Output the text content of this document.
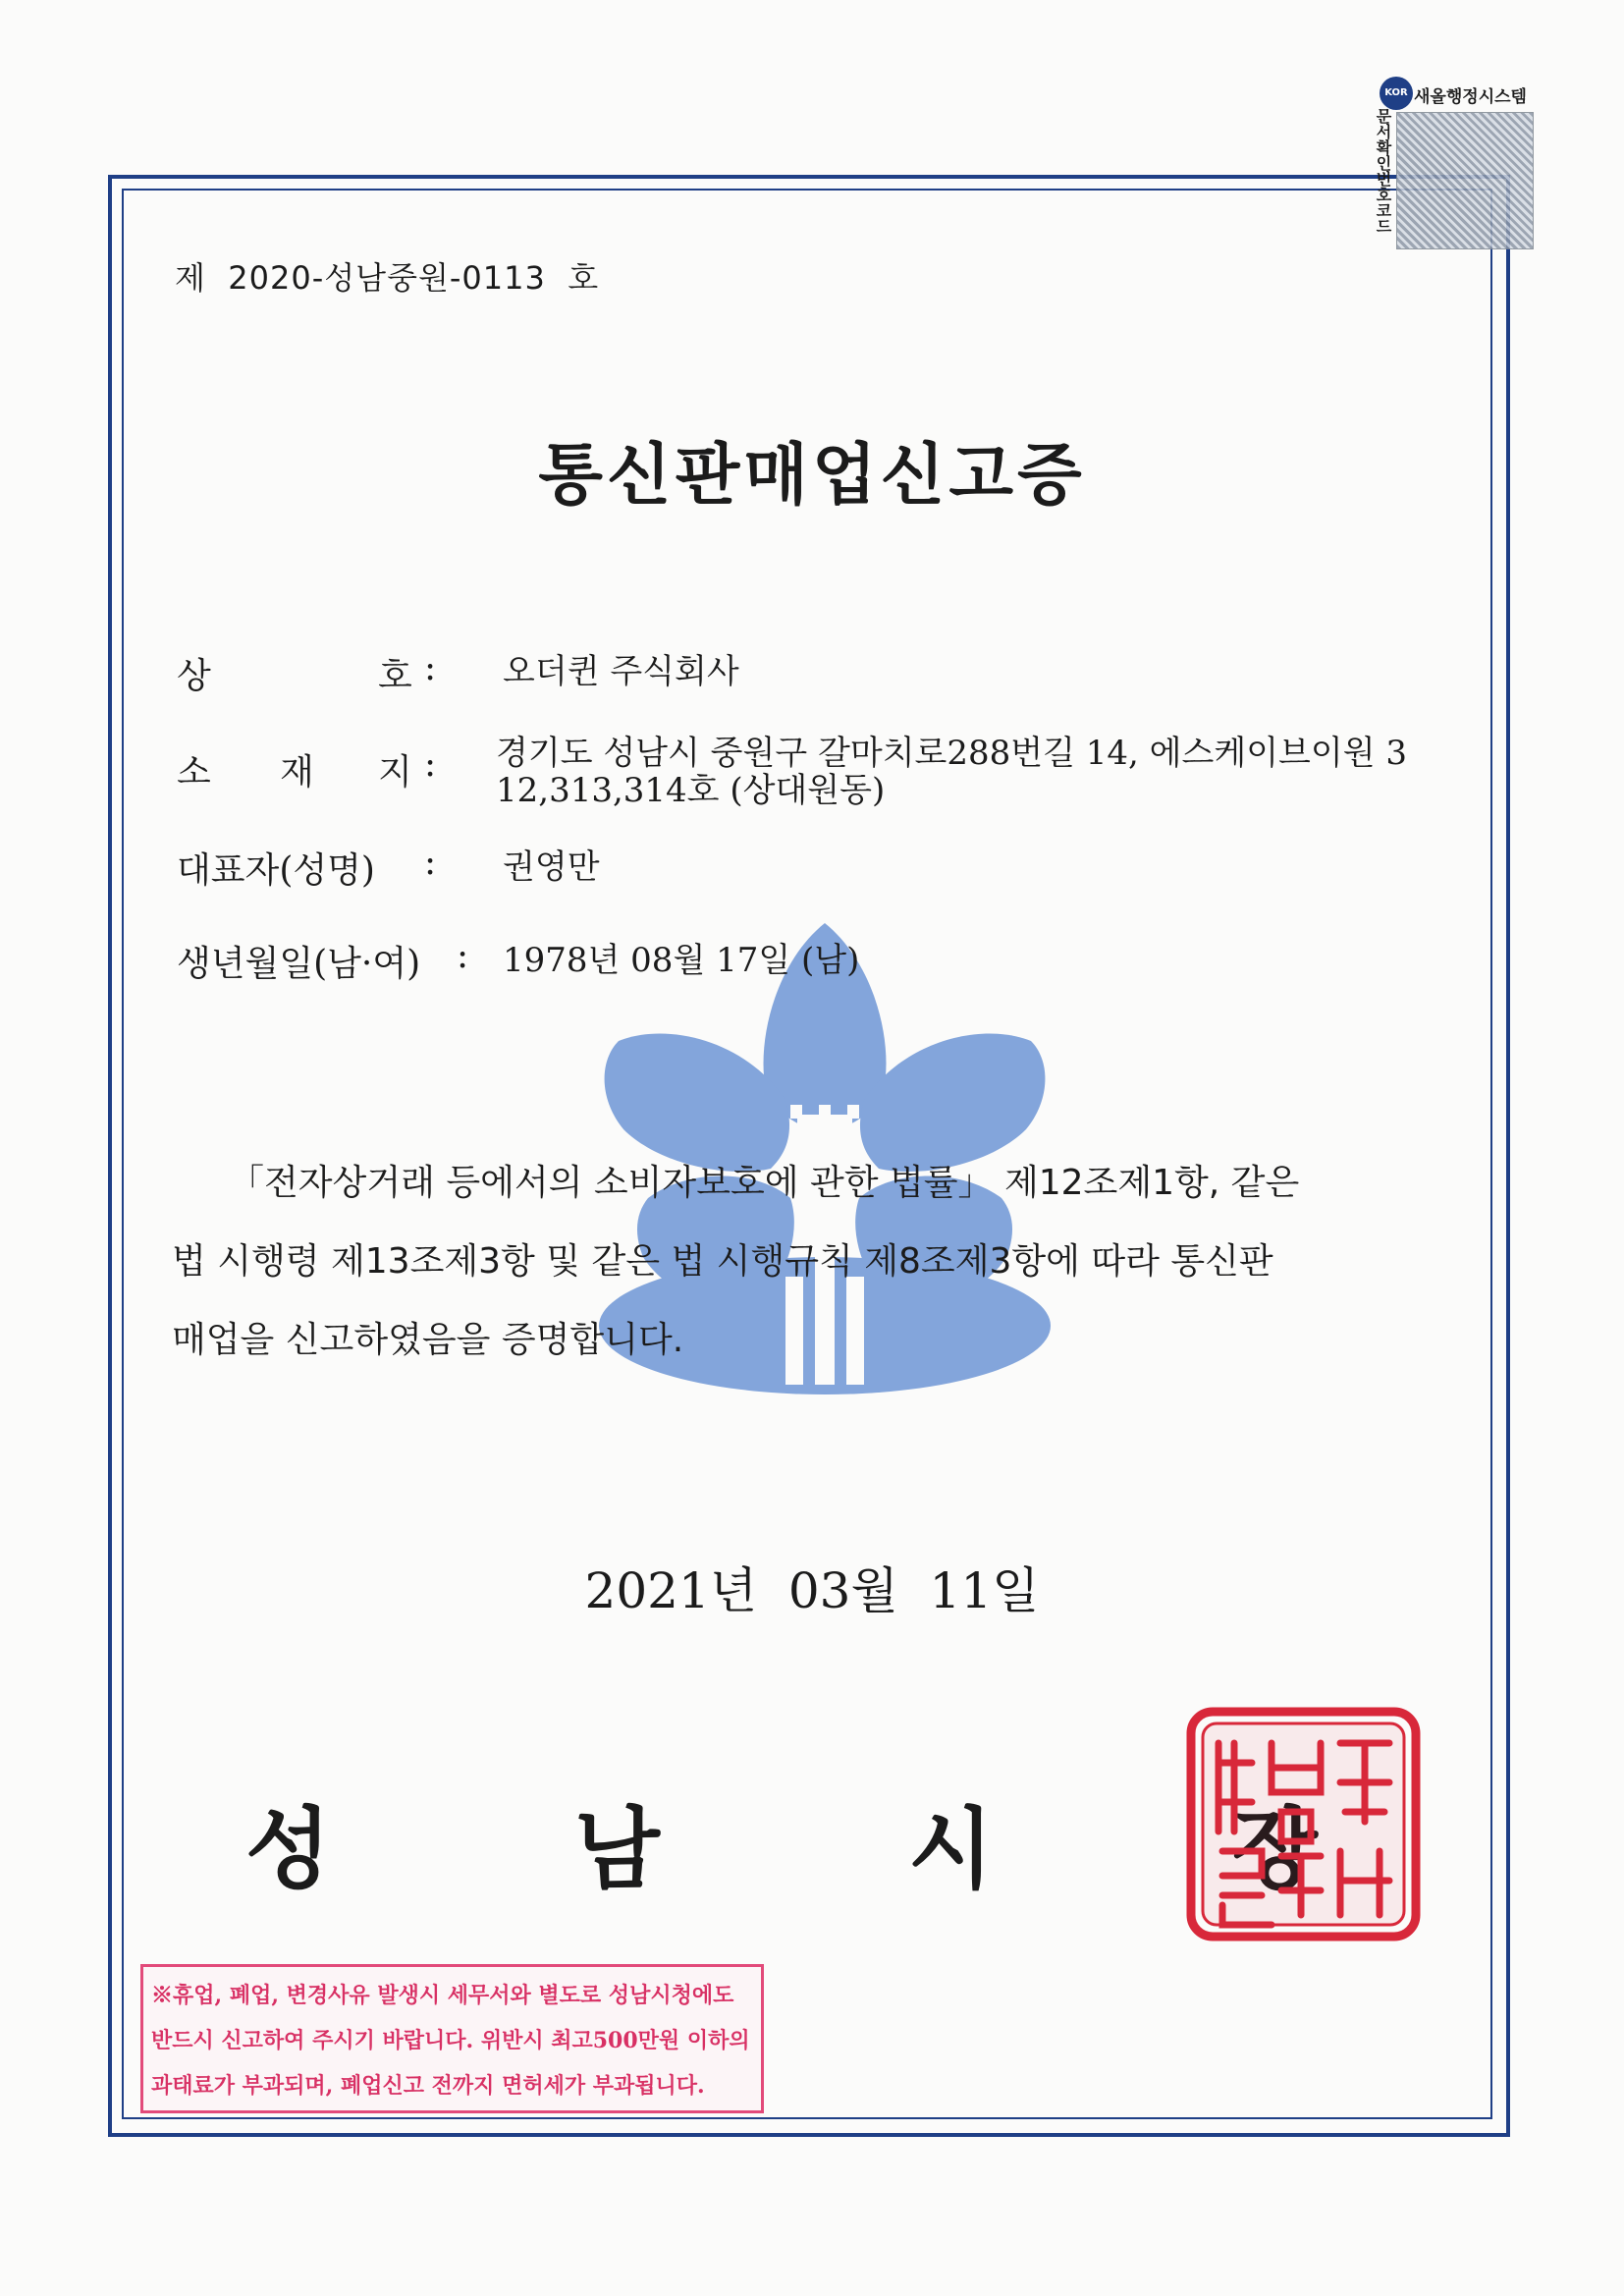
KOR 새올행정시스템
문서확인번호코드
제  2020-성남중원-0113  호
통신판매업신고증
상	호 : 오더퀸 주식회사
소 재 지 : 경기도 성남시 중원구 갈마치로288번길 14, 에스케이브이원 3
12,313,314호 (상대원동)
대표자(성명) : 권영만
생년월일(남·여) : 1978년 08월 17일 (남)
「전자상거래 등에서의 소비자보호에 관한 법률」 제12조제1항, 같은
법 시행령 제13조제3항 및 같은 법 시행규칙 제8조제3항에 따라 통신판
매업을 신고하였음을 증명합니다.
2021년  03월  11일
성	남	시
※휴업, 폐업, 변경사유 발생시 세무서와 별도로 성남시청에도
반드시 신고하여 주시기 바랍니다. 위반시 최고500만원 이하의
과태료가 부과되며, 폐업신고 전까지 면허세가 부과됩니다.
